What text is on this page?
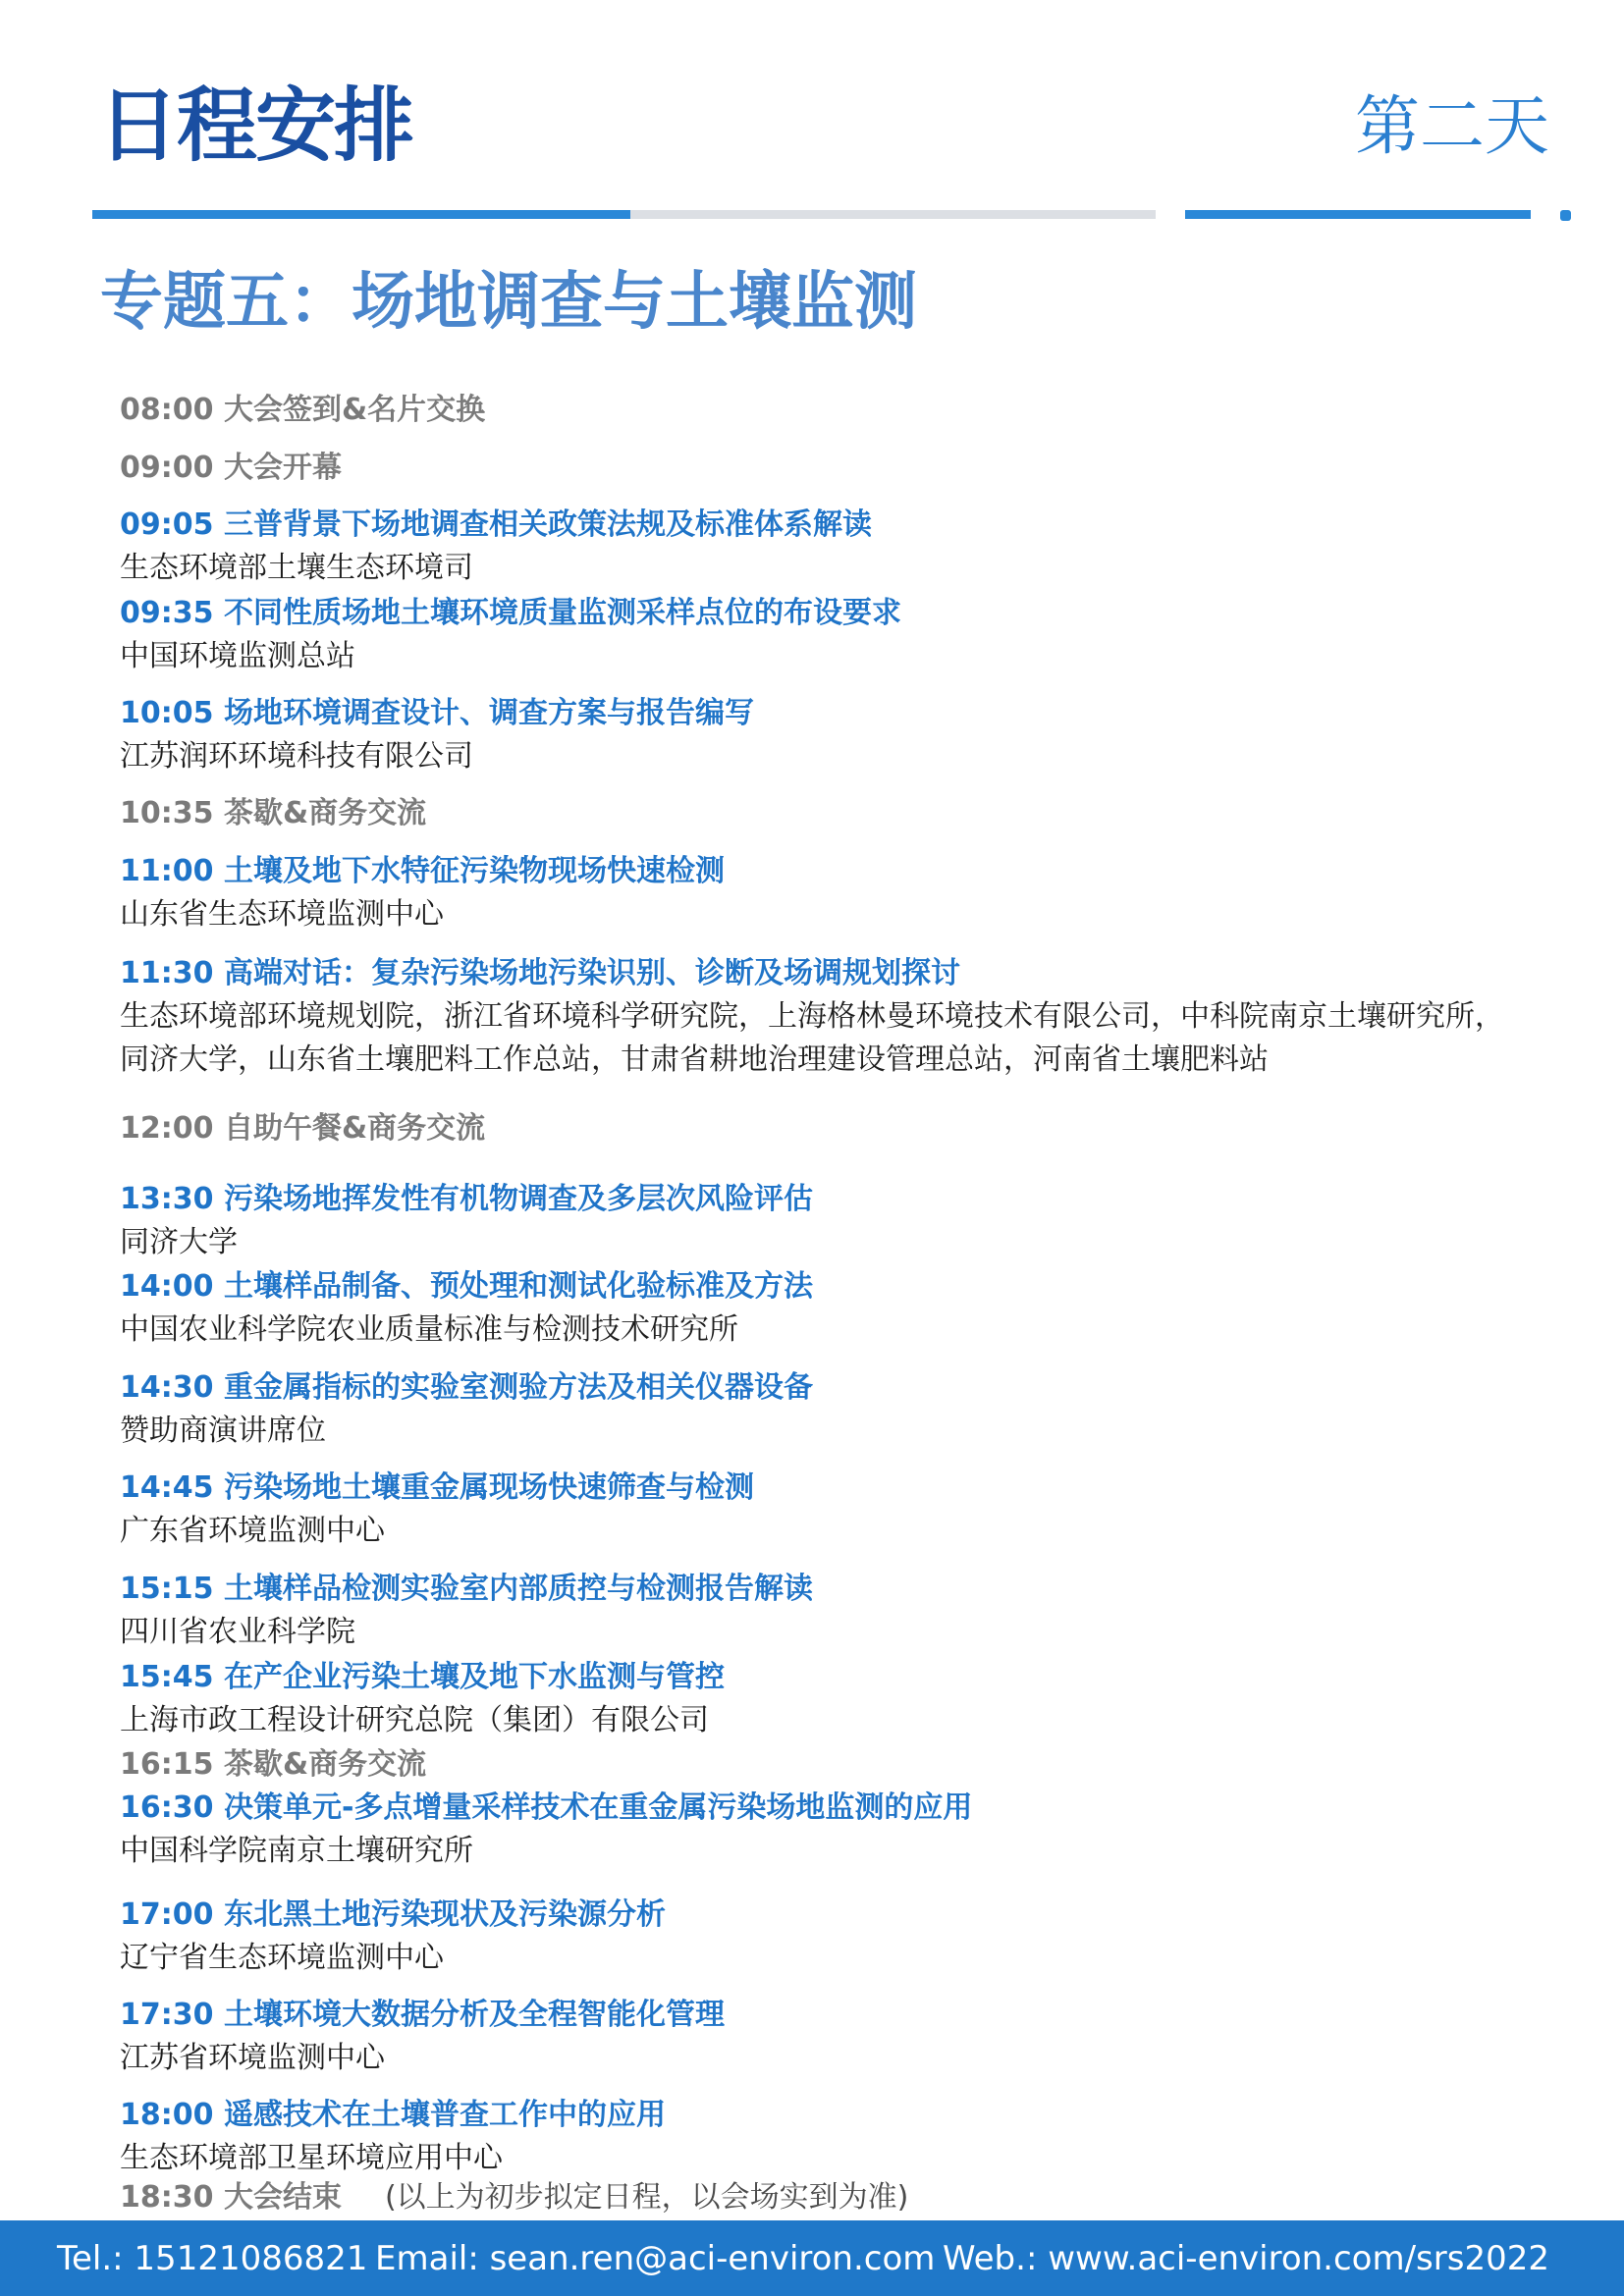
日程安排	第二天
专题五：场地调查与土壤监测
08:00 大会签到&名片交换
09:00 大会开幕
09:05 三普背景下场地调查相关政策法规及标准体系解读
生态环境部土壤生态环境司
09:35 不同性质场地土壤环境质量监测采样点位的布设要求
中国环境监测总站
10:05 场地环境调查设计、调查方案与报告编写
江苏润环环境科技有限公司
10:35 茶歇&商务交流
11:00 土壤及地下水特征污染物现场快速检测
山东省生态环境监测中心
11:30 高端对话：复杂污染场地污染识别、诊断及场调规划探讨
生态环境部环境规划院，浙江省环境科学研究院，上海格林曼环境技术有限公司，中科院南京土壤研究所，
同济大学，山东省土壤肥料工作总站，甘肃省耕地治理建设管理总站，河南省土壤肥料站
12:00 自助午餐&商务交流
13:30 污染场地挥发性有机物调查及多层次风险评估
同济大学
14:00 土壤样品制备、预处理和测试化验标准及方法
中国农业科学院农业质量标准与检测技术研究所
14:30 重金属指标的实验室测验方法及相关仪器设备
赞助商演讲席位
14:45 污染场地土壤重金属现场快速筛查与检测
广东省环境监测中心
15:15 土壤样品检测实验室内部质控与检测报告解读
四川省农业科学院
15:45 在产企业污染土壤及地下水监测与管控
上海市政工程设计研究总院（集团）有限公司
16:15 茶歇&商务交流
16:30 决策单元-多点增量采样技术在重金属污染场地监测的应用
中国科学院南京土壤研究所
17:00 东北黑土地污染现状及污染源分析
辽宁省生态环境监测中心
17:30 土壤环境大数据分析及全程智能化管理
江苏省环境监测中心
18:00 遥感技术在土壤普查工作中的应用
生态环境部卫星环境应用中心
18:30 大会结束 (以上为初步拟定日程，以会场实到为准)
Tel.: 15121086821 Email: sean.ren@aci-environ.com Web.: www.aci-environ.com/srs2022
